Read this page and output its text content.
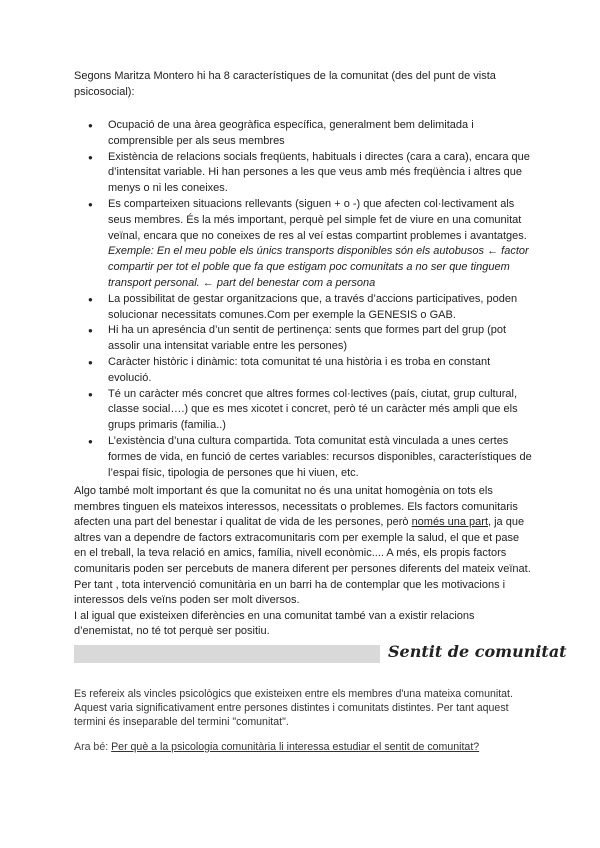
Segons Maritza Montero hi ha 8 característiques de la comunitat (des del punt de vista psicosocial):

● Ocupació de una àrea geogràfica específica, generalment bem delimitada i comprensible per als seus membres
● Existència de relacions socials freqüents, habituals i directes (cara a cara), encara que d’intensitat variable. Hi han persones a les que veus amb més freqüència i altres que menys o ni les coneixes.
● Es comparteixen situacions rellevants (siguen + o -) que afecten col·lectivament als seus membres. És la més important, perquè pel simple fet de viure en una comunitat veïnal, encara que no coneixes de res al veí estas compartint problemes i avantatges.
Exemple: En el meu poble els únics transports disponibles són els autobusos ← factor compartir per tot el poble que fa que estigam poc comunitats a no ser que tinguem transport personal. ← part del benestar com a persona
● La possibilitat de gestar organitzacions que, a través d’accions participatives, poden solucionar necessitats comunes.Com per exemple la GENESIS o GAB.
● Hi ha un apreséncia d’un sentit de pertinença: sents que formes part del grup (pot assolir una intensitat variable entre les persones)
● Caràcter històric i dinàmic: tota comunitat té una història i es troba en constant evolució.
● Té un caràcter més concret que altres formes col·lectives (país, ciutat, grup cultural, classe social….) que es mes xicotet i concret, però té un caràcter més ampli que els grups primaris (familia..)
● L’existència d’una cultura compartida. Tota comunitat està vinculada a unes certes formes de vida, en funció de certes variables: recursos disponibles, característiques de l’espai físic, tipologia de persones que hi viuen, etc.

Algo també molt important és que la comunitat no és una unitat homogènia on tots els membres tinguen els mateixos interessos, necessitats o problemes. Els factors comunitaris afecten una part del benestar i qualitat de vida de les persones, però només una part, ja que altres van a dependre de factors extracomunitaris com per exemple la salud, el que et pase en el treball, la teva relació en amics, família, nivell econòmic.... A més, els propis factors comunitaris poden ser percebuts de manera diferent per persones diferents del mateix veïnat. Per tant , tota intervenció comunitària en un barri ha de contemplar que les motivacions i interessos dels veïns poden ser molt diversos.
I al igual que existeixen diferències en una comunitat també van a existir relacions d’enemistat, no té tot perquè ser positiu.

Sentit de comunitat

Es refereix als vincles psicològics que existeixen entre els membres d'una mateixa comunitat. Aquest varia significativament entre persones distintes i comunitats distintes. Per tant aquest termini és inseparable del termini "comunitat".

Ara bé: Per què a la psicologia comunitària li interessa estudiar el sentit de comunitat?
